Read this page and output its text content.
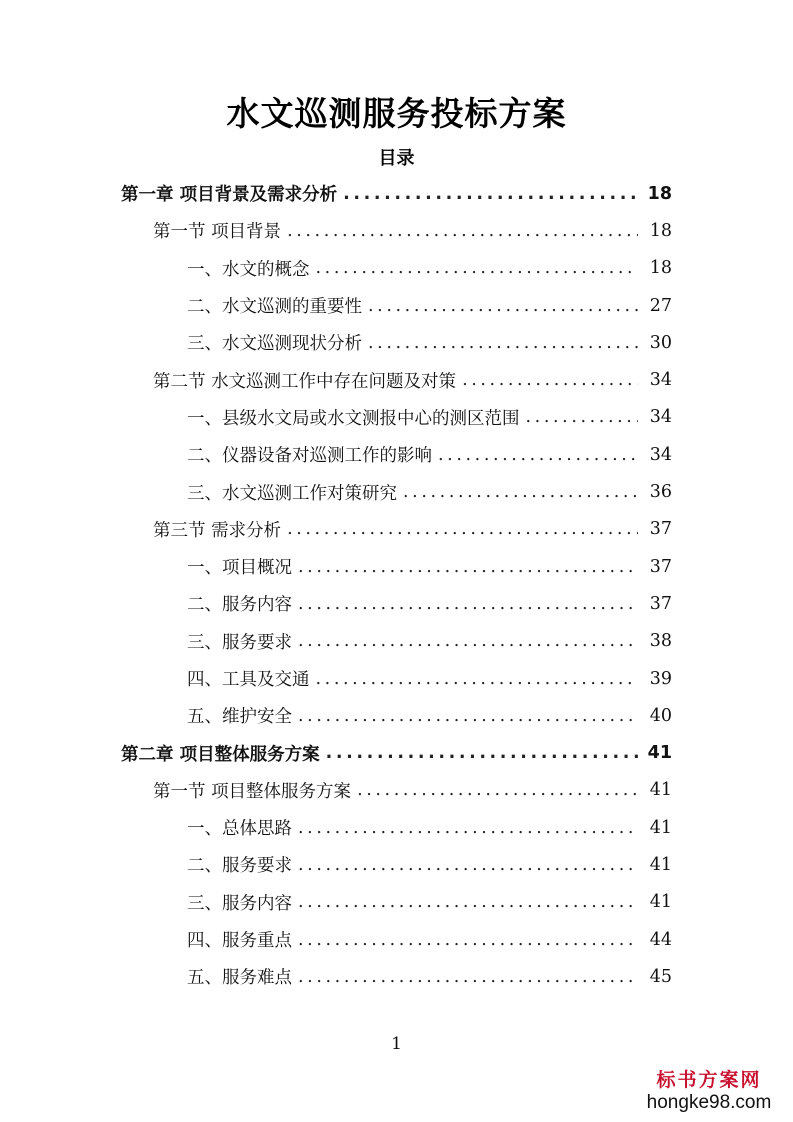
水文巡测服务投标方案
目录
第一章 项目背景及需求分析 .....	18
第一节 项目背景 .....	18
一、水文的概念 .....	18
二、水文巡测的重要性 .....	27
三、水文巡测现状分析 .....	30
第二节 水文巡测工作中存在问题及对策 .....	34
一、县级水文局或水文测报中心的测区范围 .....	34
二、仪器设备对巡测工作的影响 .....	34
三、水文巡测工作对策研究 .....	36
第三节 需求分析 .....	37
一、项目概况 .....	37
二、服务内容 .....	37
三、服务要求 .....	38
四、工具及交通 .....	39
五、维护安全 .....	40
第二章 项目整体服务方案 .....	41
第一节 项目整体服务方案 .....	41
一、总体思路 .....	41
二、服务要求 .....	41
三、服务内容 .....	41
四、服务重点 .....	44
五、服务难点 .....	45
1
标书方案网
hongke98.com
